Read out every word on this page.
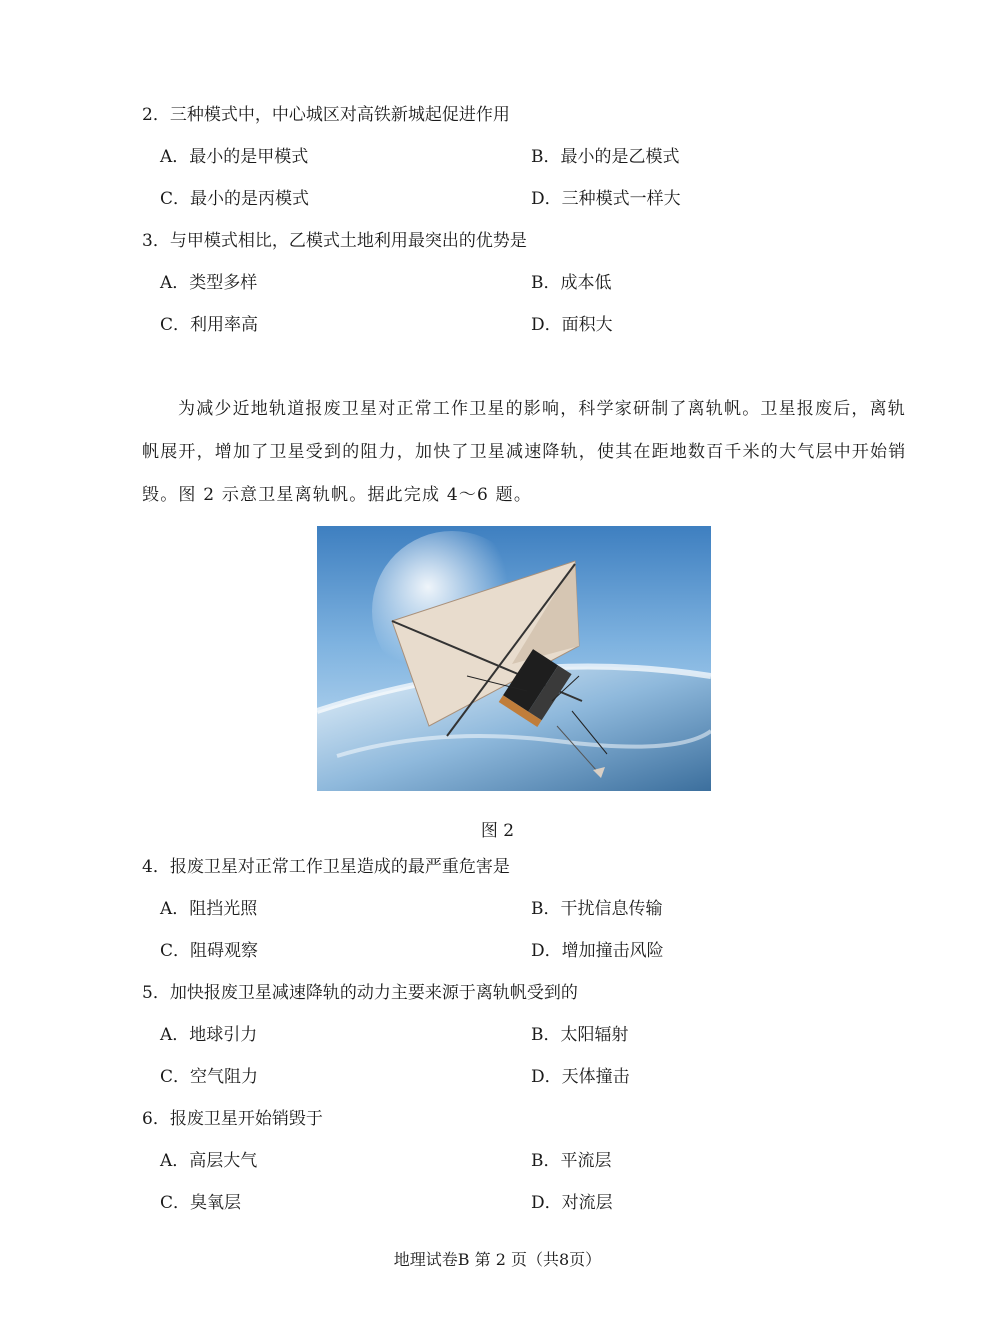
2．三种模式中，中心城区对高铁新城起促进作用
A．最小的是甲模式	B．最小的是乙模式
C．最小的是丙模式	D．三种模式一样大
3．与甲模式相比，乙模式土地利用最突出的优势是
A．类型多样	B．成本低
C．利用率高	D．面积大
为减少近地轨道报废卫星对正常工作卫星的影响，科学家研制了离轨帆。卫星报废后，离轨
帆展开，增加了卫星受到的阻力，加快了卫星减速降轨，使其在距地数百千米的大气层中开始销
毁。图 2 示意卫星离轨帆。据此完成 4～6 题。
图 2
4．报废卫星对正常工作卫星造成的最严重危害是
A．阻挡光照	B．干扰信息传输
C．阻碍观察	D．增加撞击风险
5．加快报废卫星减速降轨的动力主要来源于离轨帆受到的
A．地球引力	B．太阳辐射
C．空气阻力	D．天体撞击
6．报废卫星开始销毁于
A．高层大气	B．平流层
C．臭氧层	D．对流层
地理试卷B 第 2 页（共8页）
